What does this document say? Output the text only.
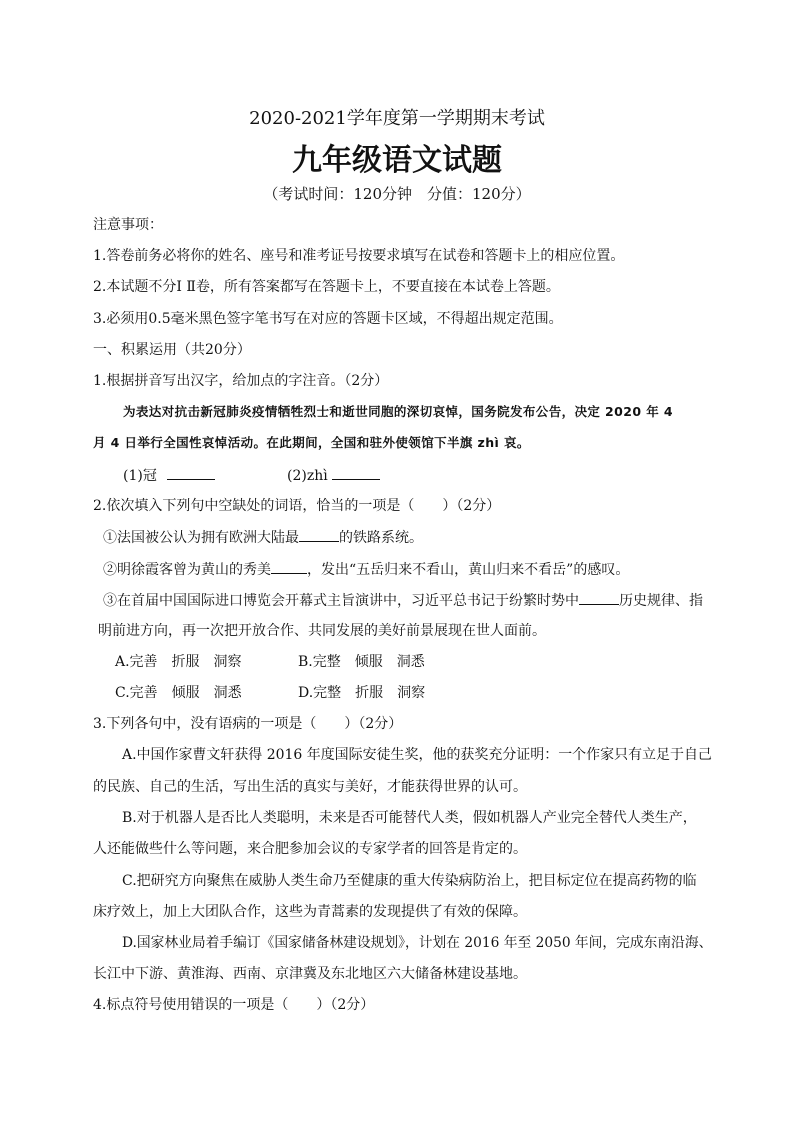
2020-2021学年度第一学期期末考试
九年级语文试题
（考试时间：120分钟　分值：120分）
注意事项：
1.答卷前务必将你的姓名、座号和准考证号按要求填写在试卷和答题卡上的相应位置。
2.本试题不分Ⅰ Ⅱ卷，所有答案都写在答题卡上，不要直接在本试卷上答题。
3.必须用0.5毫米黑色签字笔书写在对应的答题卡区域，不得超出规定范围。
一、积累运用（共20分）
1.根据拼音写出汉字，给加点的字注音。（2分）
为表达对抗击新冠肺炎疫情牺牲烈士和逝世同胞的深切哀悼，国务院发布公告，决定 2020 年 4
月 4 日举行全国性哀悼活动。在此期间，全国和驻外使领馆下半旗 zhì 哀。
(1)冠	(2)zhì
2.依次填入下列句中空缺处的词语，恰当的一项是（　　）（2分）
①法国被公认为拥有欧洲大陆最	的铁路系统。
②明徐霞客曾为黄山的秀美	，发出“五岳归来不看山，黄山归来不看岳”的感叹。
③在首届中国国际进口博览会开幕式主旨演讲中，习近平总书记于纷繁时势中	历史规律、指
明前进方向，再一次把开放合作、共同发展的美好前景展现在世人面前。
A.完善　折服　洞察	B.完整　倾服　洞悉
C.完善　倾服　洞悉	D.完整　折服　洞察
3.下列各句中，没有语病的一项是（　　）（2分）
A.中国作家曹文轩获得 2016 年度国际安徒生奖，他的获奖充分证明：一个作家只有立足于自己
的民族、自己的生活，写出生活的真实与美好，才能获得世界的认可。
B.对于机器人是否比人类聪明，未来是否可能替代人类，假如机器人产业完全替代人类生产，
人还能做些什么等问题，来合肥参加会议的专家学者的回答是肯定的。
C.把研究方向聚焦在威胁人类生命乃至健康的重大传染病防治上，把目标定位在提高药物的临
床疗效上，加上大团队合作，这些为青蒿素的发现提供了有效的保障。
D.国家林业局着手编订《国家储备林建设规划》，计划在 2016 年至 2050 年间，完成东南沿海、
长江中下游、黄淮海、西南、京津冀及东北地区六大储备林建设基地。
4.标点符号使用错误的一项是（　　）（2分）
